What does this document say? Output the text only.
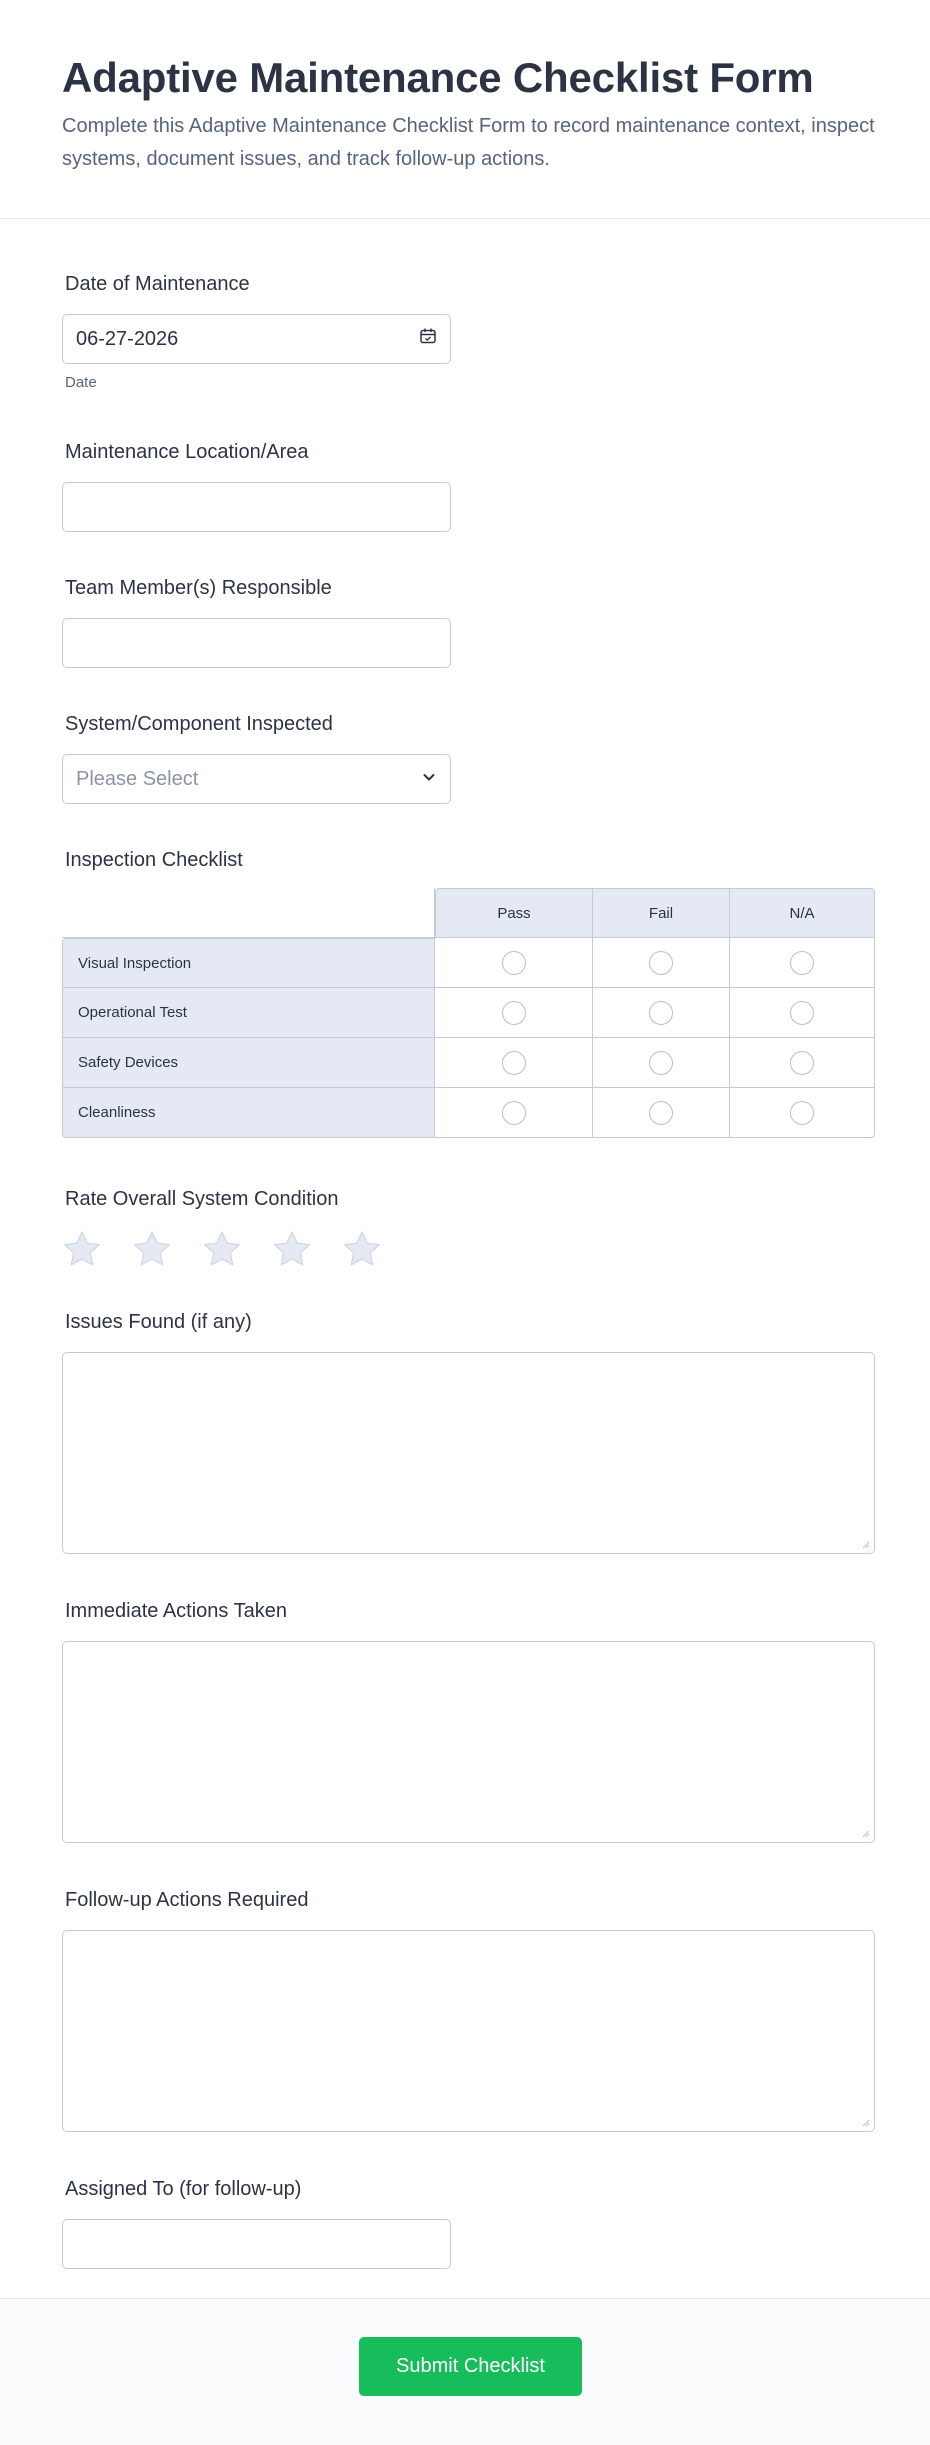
Adaptive Maintenance Checklist Form

Complete this Adaptive Maintenance Checklist Form to record maintenance context, inspect systems, document issues, and track follow-up actions.

Date of Maintenance
06-27-2026
Date
Maintenance Location/Area
Team Member(s) Responsible
System/Component Inspected
Please Select
Inspection Checklist
	Pass	Fail	N/A
Visual Inspection			
Operational Test			
Safety Devices			
Cleanliness			
Rate Overall System Condition
Issues Found (if any)
Immediate Actions Taken
Follow-up Actions Required
Assigned To (for follow-up)
Submit Checklist
